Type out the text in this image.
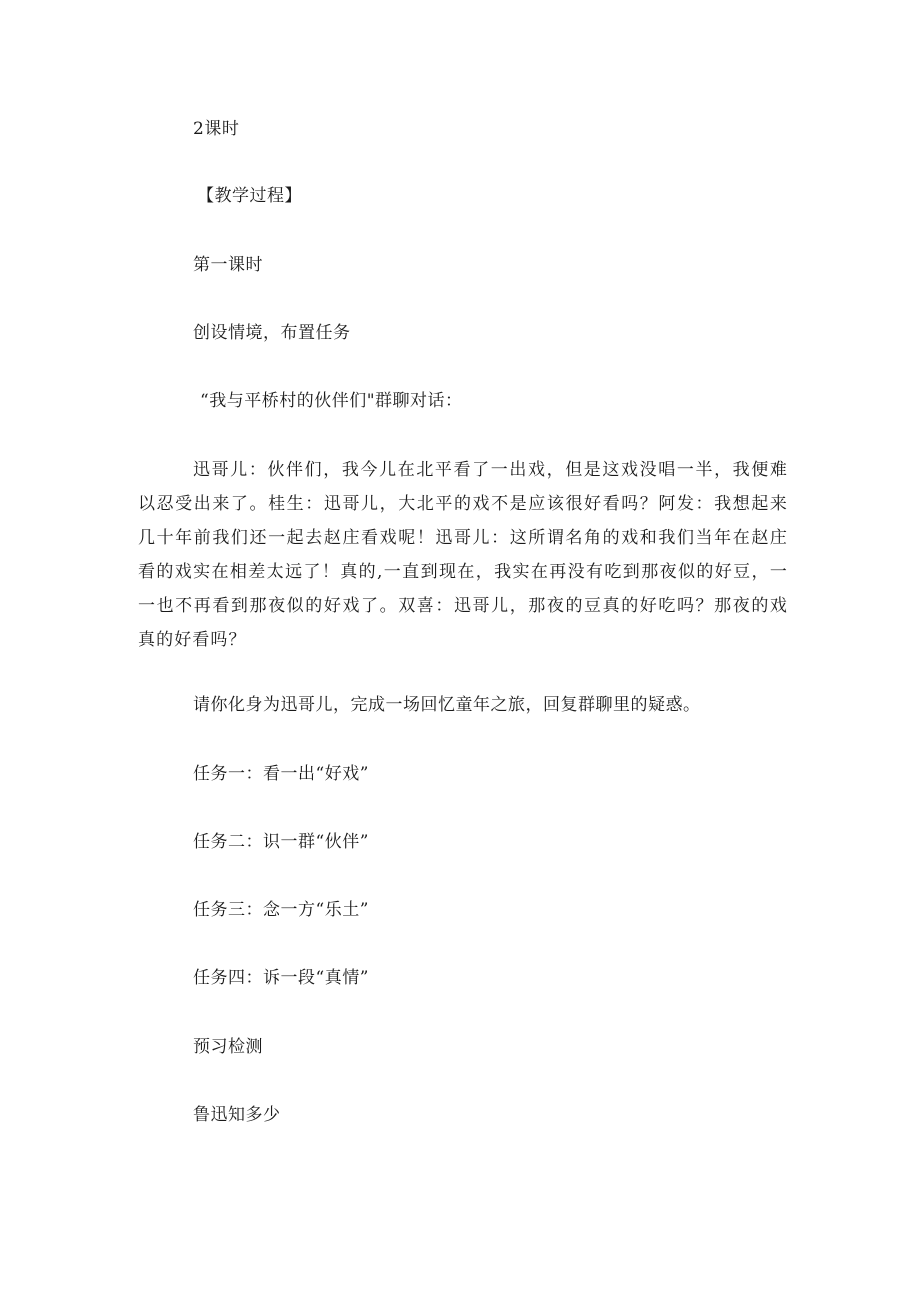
2课时
【教学过程】
第一课时
创设情境，布置任务
“我与平桥村的伙伴们"群聊对话：
迅哥儿：伙伴们，我今儿在北平看了一出戏，但是这戏没唱一半，我便难以忍受出来了。桂生：迅哥儿，大北平的戏不是应该很好看吗？阿发：我想起来几十年前我们还一起去赵庄看戏呢！迅哥儿：这所谓名角的戏和我们当年在赵庄看的戏实在相差太远了！真的,一直到现在，我实在再没有吃到那夜似的好豆，一一也不再看到那夜似的好戏了。双喜：迅哥儿，那夜的豆真的好吃吗？那夜的戏真的好看吗？
请你化身为迅哥儿，完成一场回忆童年之旅，回复群聊里的疑惑。
任务一：看一出“好戏”
任务二：识一群“伙伴”
任务三：念一方“乐土”
任务四：诉一段“真情”
预习检测
鲁迅知多少
